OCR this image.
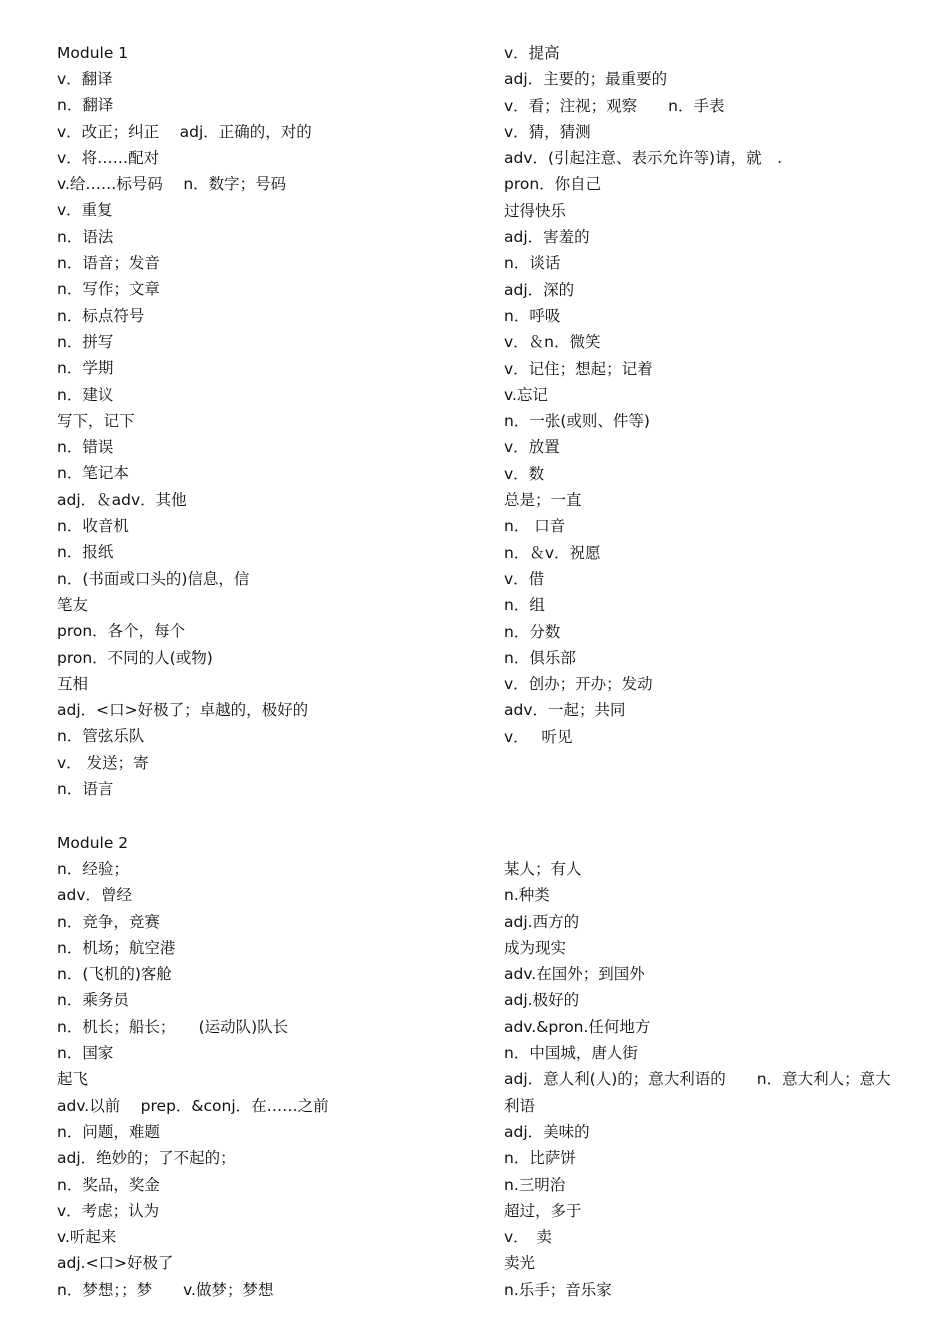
Module 1
v．翻译
n．翻译
v．改正；纠正　 adj．正确的，对的
v．将……配对
v.给……标号码　 n．数字；号码
v．重复
n．语法
n．语音；发音
n．写作；文章
n．标点符号
n．拼写
n．学期
n．建议
写下，记下
n．错误
n．笔记本
adj．＆adv．其他
n．收音机
n．报纸
n．(书面或口头的)信息，信
笔友
pron．各个，每个
pron．不同的人(或物)
互相
adj．<口>好极了；卓越的，极好的
n．管弦乐队
v． 发送；寄
n．语言
v．提高
adj．主要的；最重要的
v．看；注视；观察　　n．手表
v．猜，猜测
adv．(引起注意、表示允许等)请，就　.
pron．你自己
过得快乐
adj．害羞的
n．谈话
adj．深的
n．呼吸
v．＆n．微笑
v．记住；想起；记着
v.忘记
n．一张(或则、件等)
v．放置
v．数
总是；一直
n． 口音
n．＆v．祝愿
v．借
n．组
n．分数
n．俱乐部
v．创办；开办；发动
adv．一起；共同
v．　 听见
Module 2
n．经验；
adv．曾经
n．竞争，竞赛
n．机场；航空港
n．(飞机的)客舱
n．乘务员
n．机长；船长；　　(运动队)队长
n．国家
起飞
adv.以前　 prep．&conj．在……之前
n．问题，难题
adj．绝妙的；了不起的；
n．奖品，奖金
v．考虑；认为
v.听起来
adj.<口>好极了
n．梦想；；梦　　v.做梦；梦想
某人；有人
n.种类
adj.西方的
成为现实
adv.在国外；到国外
adj.极好的
adv.&pron.任何地方
n．中国城，唐人街
adj．意人利(人)的；意大利语的　　n．意大利人；意大
利语
adj．美味的
n．比萨饼
n.三明治
超过，多于
v．　卖
卖光
n.乐手；音乐家
